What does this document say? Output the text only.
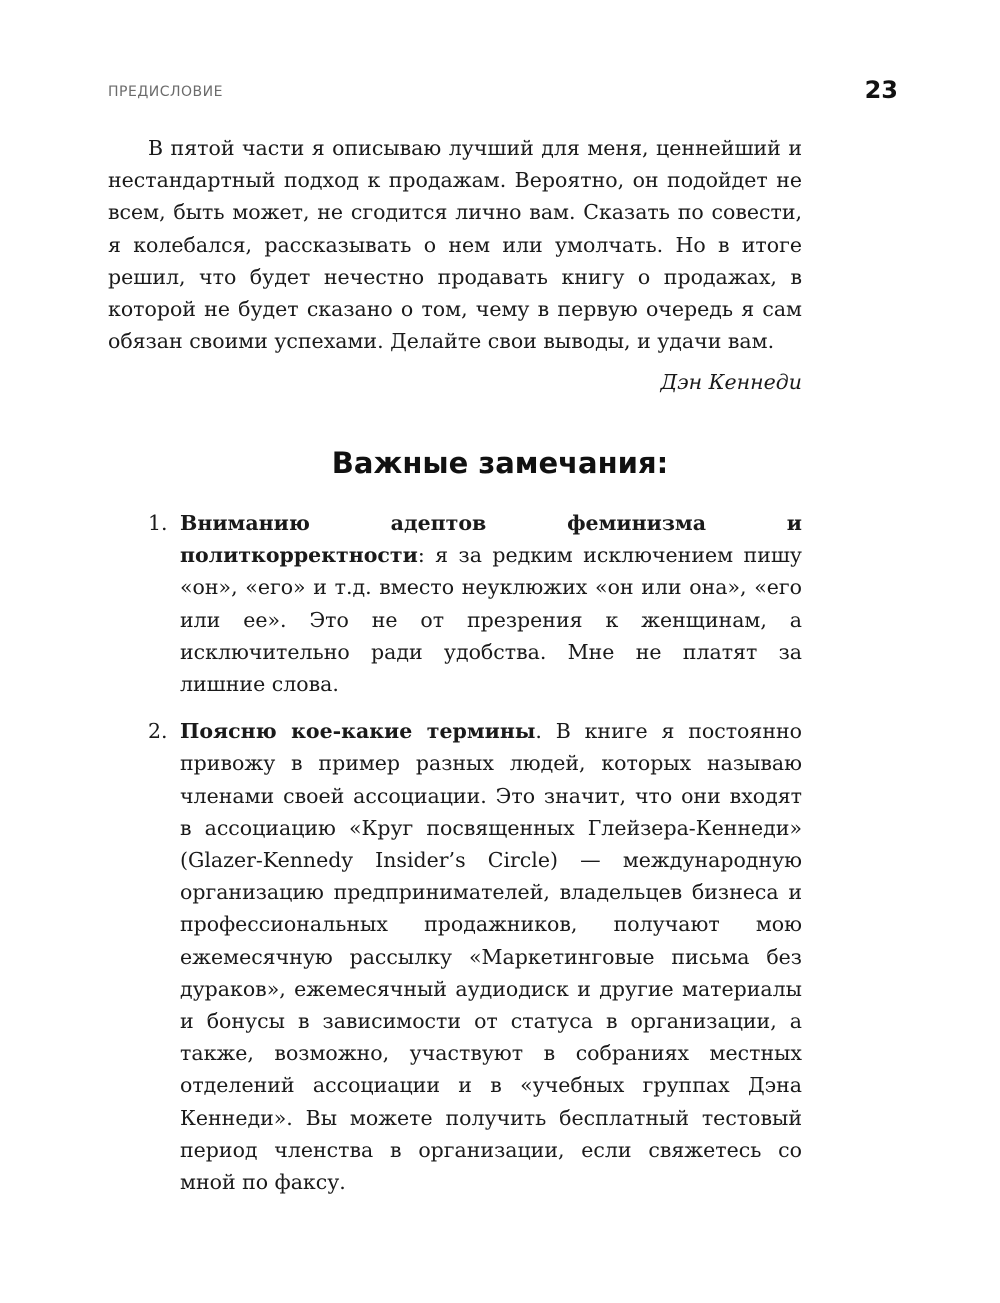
ПРЕДИСЛОВИЕ	23

В пятой части я описываю лучший для меня, ценнейший и нестандартный подход к продажам. Вероятно, он подойдет не всем, быть может, не сгодится лично вам. Сказать по совести, я колебался, рассказывать о нем или умолчать. Но в итоге решил, что будет нечестно продавать книгу о продажах, в которой не будет сказано о том, чему в первую очередь я сам обязан своими успехами. Делайте свои выводы, и удачи вам.

Дэн Кеннеди
Важные замечания:
1. Вниманию адептов феминизма и политкорректности: я за редким исключением пишу «он», «его» и т.д. вместо неуклюжих «он или она», «его или ее». Это не от презрения к женщинам, а исключительно ради удобства. Мне не платят за лишние слова.
2. Поясню кое-какие термины. В книге я постоянно привожу в пример разных людей, которых называю членами своей ассоциации. Это значит, что они входят в ассоциацию «Круг посвященных Глейзера-Кеннеди» (Glazer-Kennedy Insider’s Circle) — международную организацию предпринимателей, владельцев бизнеса и профессиональных продажников, получают мою ежемесячную рассылку «Маркетинговые письма без дураков», ежемесячный аудиодиск и другие материалы и бонусы в зависимости от статуса в организации, а также, возможно, участвуют в собраниях местных отделений ассоциации и в «учебных группах Дэна Кеннеди». Вы можете получить бесплатный тестовый период членства в организации, если свяжетесь со мной по факсу.
